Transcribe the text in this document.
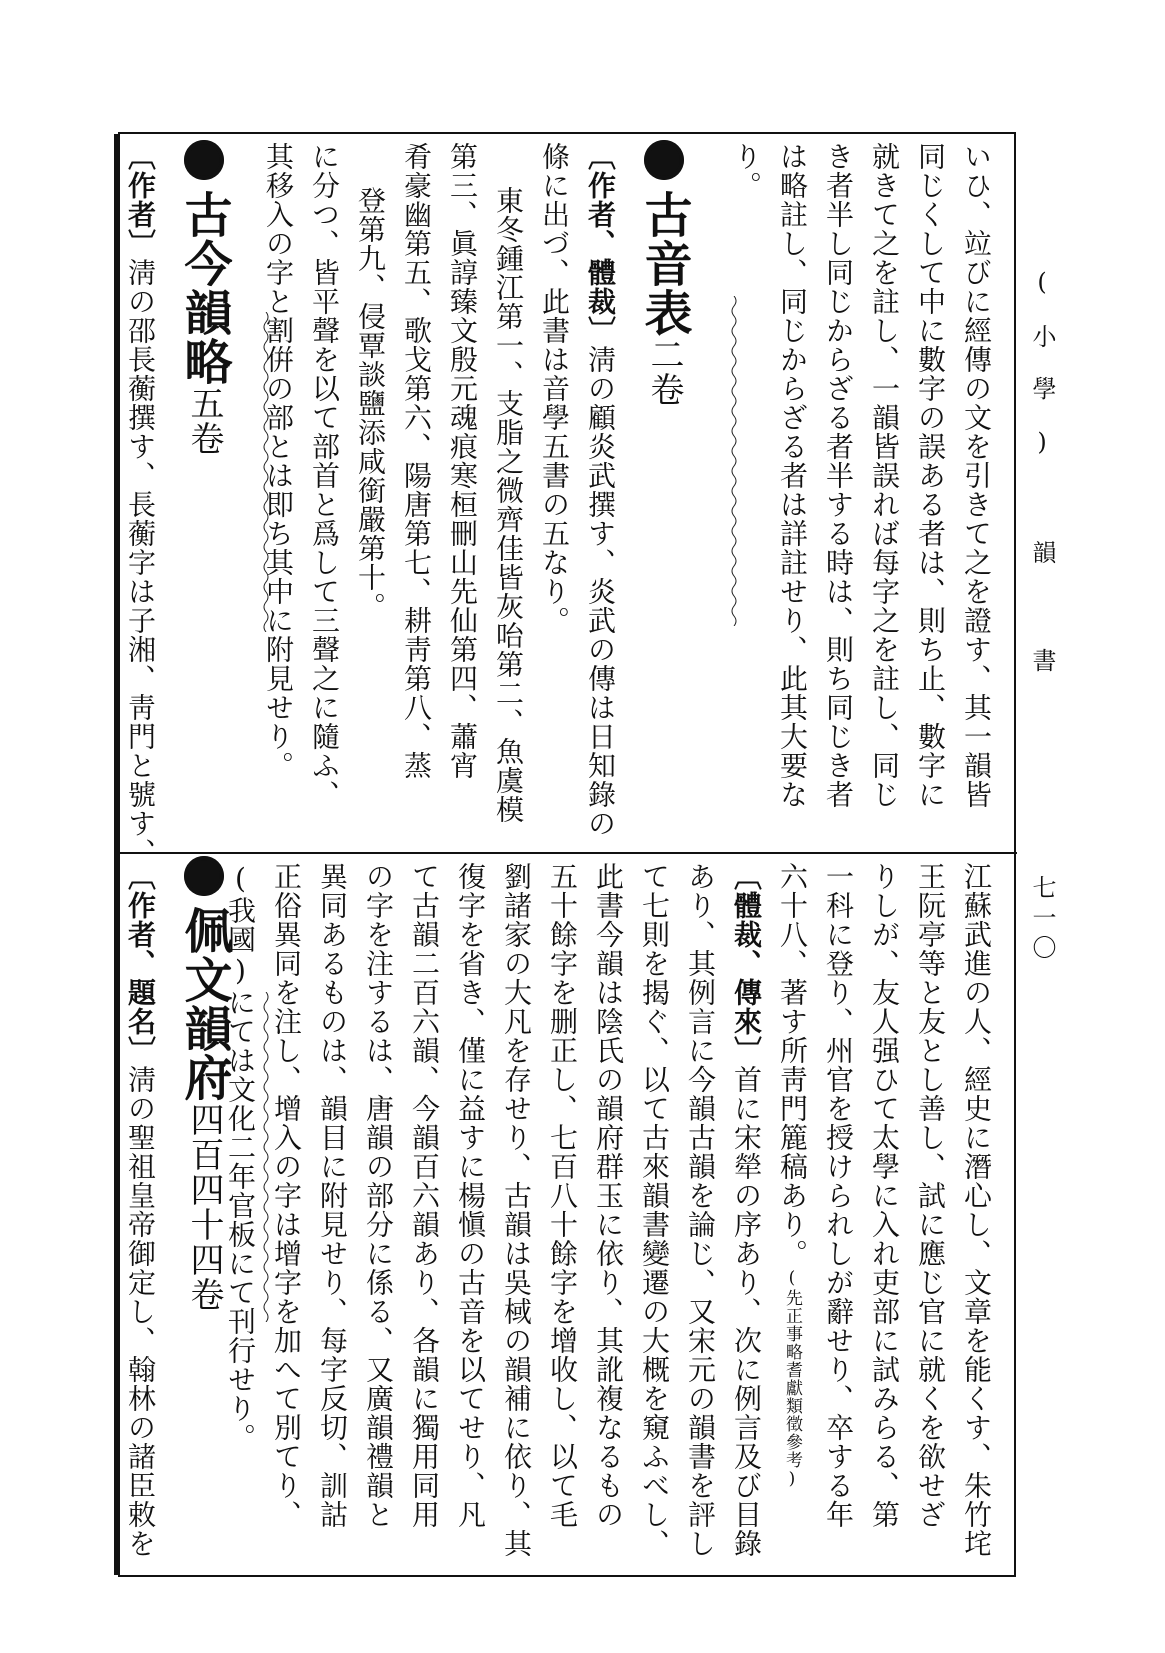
(小學) 韻 書
七一〇
いひ、竝びに經傳の文を引きて之を證す、其一韻皆
同じくして中に數字の誤ある者は、則ち止、數字に
就きて之を註し、一韻皆誤れば每字之を註し、同じ
き者半し同じからざる者半する時は、則ち同じき者
は略註し、同じからざる者は詳註せり、此其大要な
り。
古音表二卷
〔作者、體裁〕淸の顧炎武撰す、炎武の傳は日知錄の
條に出づ、此書は音學五書の五なり。
東冬鍾江第一、支脂之微齊佳皆灰咍第二、魚虞模
第三、眞諄臻文殷元魂痕寒桓刪山先仙第四、蕭宵
肴豪幽第五、歌戈第六、陽唐第七、耕靑第八、蒸
登第九、侵覃談鹽添咸銜嚴第十。
に分つ、皆平聲を以て部首と爲して三聲之に隨ふ、
其移入の字と割倂の部とは即ち其中に附見せり。
古今韻略五卷
〔作者〕淸の邵長蘅撰す、長蘅字は子湘、靑門と號す、
江蘇武進の人、經史に潛心し、文章を能くす、朱竹垞
王阮亭等と友とし善し、試に應じ官に就くを欲せざ
りしが、友人强ひて太學に入れ吏部に試みらる、第
一科に登り、州官を授けられしが辭せり、卒する年
六十八、著す所靑門簏稿あり。(先正事略耆獻類徵參考)
〔體裁、傳來〕首に宋犖の序あり、次に例言及び目錄
あり、其例言に今韻古韻を論じ、又宋元の韻書を評し
て七則を揭ぐ、以て古來韻書變遷の大概を窺ふべし、
此書今韻は陰氏の韻府群玉に依り、其訛複なるもの
五十餘字を删正し、七百八十餘字を增收し、以て毛
劉諸家の大凡を存せり、古韻は吳棫の韻補に依り、其
復字を省き、僅に益すに楊愼の古音を以てせり、凡
て古韻二百六韻、今韻百六韻あり、各韻に獨用同用
の字を注するは、唐韻の部分に係る、又廣韻禮韻と
異同あるものは、韻目に附見せり、每字反切、訓詁
正俗異同を注し、增入の字は增字を加へて別てり、
(我國)にては文化二年官板にて刊行せり。
佩文韻府四百四十四卷
〔作者、題名〕淸の聖祖皇帝御定し、翰林の諸臣敕を
